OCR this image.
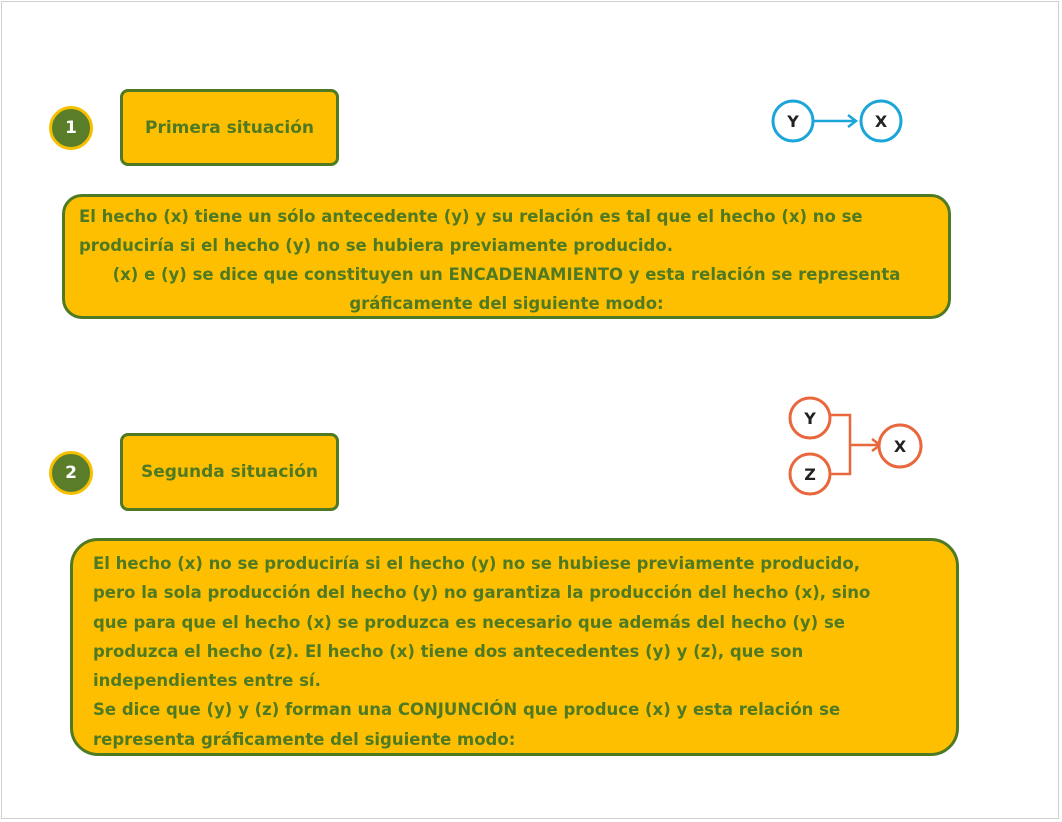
1	Primera situación	Y	X
El hecho (x) tiene un sólo antecedente (y) y su relación es tal que el hecho (x) no se
produciría si el hecho (y) no se hubiera previamente producido.
(x) e (y) se dice que constituyen un ENCADENAMIENTO y esta relación se representa
gráficamente del siguiente modo:
2	Segunda situación
Y
Z
X
El hecho (x) no se produciría si el hecho (y) no se hubiese previamente producido,
pero la sola producción del hecho (y) no garantiza la producción del hecho (x), sino
que para que el hecho (x) se produzca es necesario que además del hecho (y) se
produzca el hecho (z). El hecho (x) tiene dos antecedentes (y) y (z), que son
independientes entre sí.
Se dice que (y) y (z) forman una CONJUNCIÓN que produce (x) y esta relación se
representa gráficamente del siguiente modo:
